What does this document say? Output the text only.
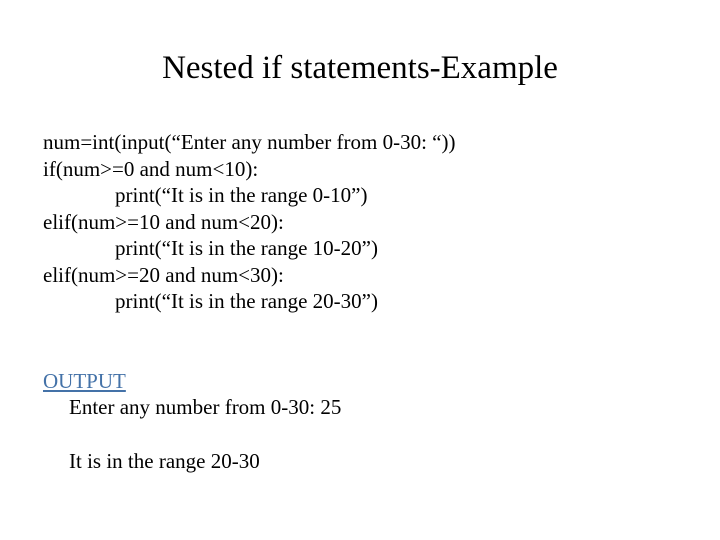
Nested if statements-Example
num=int(input(“Enter any number from 0-30: “))
if(num>=0 and num<10):
print(“It is in the range 0-10”)
elif(num>=10 and num<20):
print(“It is in the range 10-20”)
elif(num>=20 and num<30):
print(“It is in the range 20-30”)
OUTPUT
Enter any number from 0-30: 25
It is in the range 20-30
